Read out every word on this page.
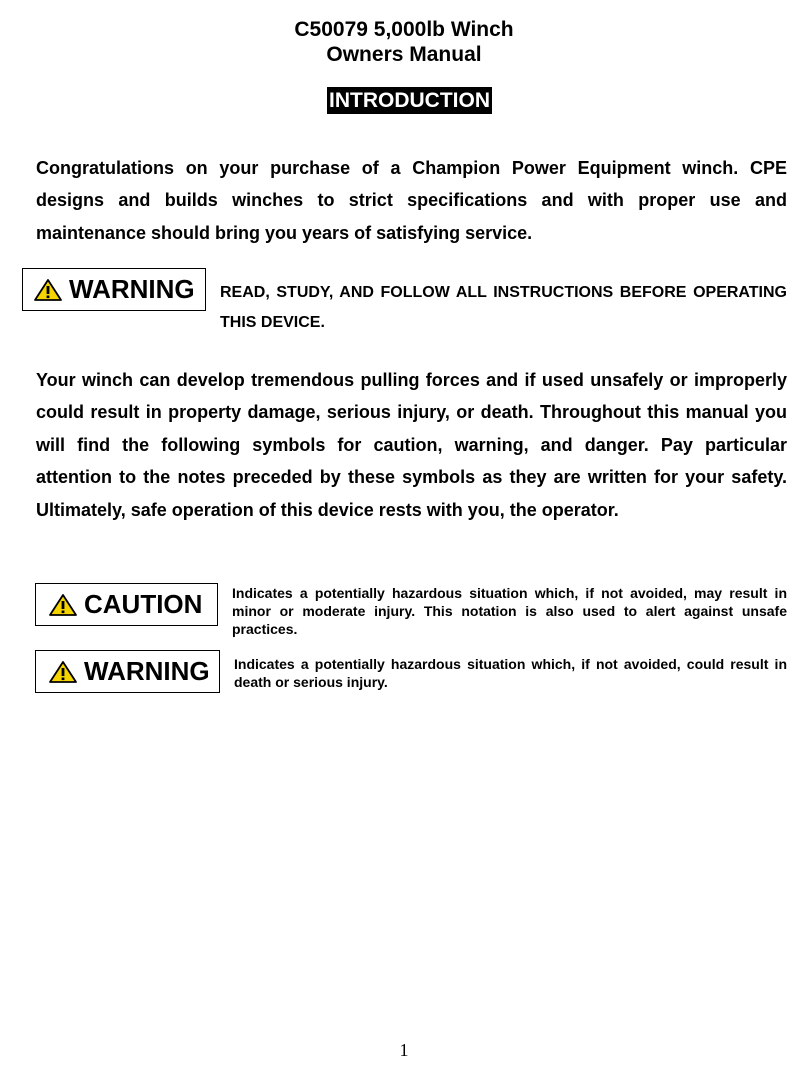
C50079 5,000lb Winch
Owners Manual
INTRODUCTION
Congratulations on your purchase of a Champion Power Equipment winch. CPE designs and builds winches to strict specifications and with proper use and maintenance should bring you years of satisfying service.
WARNING READ, STUDY, AND FOLLOW ALL INSTRUCTIONS BEFORE OPERATING THIS DEVICE.
Your winch can develop tremendous pulling forces and if used unsafely or improperly could result in property damage, serious injury, or death. Throughout this manual you will find the following symbols for caution, warning, and danger. Pay particular attention to the notes preceded by these symbols as they are written for your safety. Ultimately, safe operation of this device rests with you, the operator.
CAUTION Indicates a potentially hazardous situation which, if not avoided, may result in minor or moderate injury. This notation is also used to alert against unsafe practices.
WARNING Indicates a potentially hazardous situation which, if not avoided, could result in death or serious injury.
1
